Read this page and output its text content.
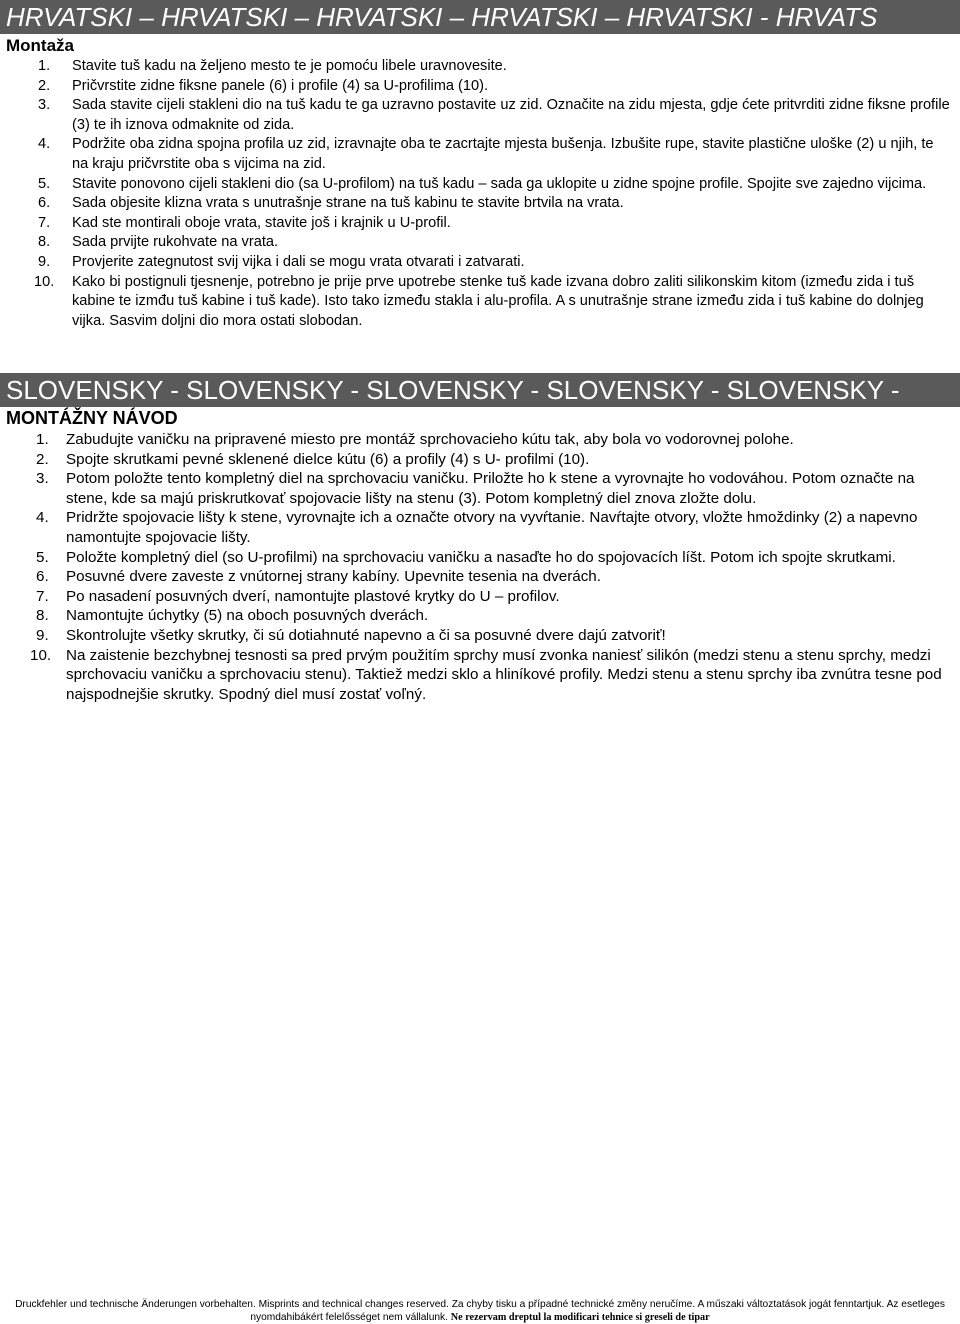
HRVATSKI – HRVATSKI – HRVATSKI – HRVATSKI – HRVATSKI - HRVATS
Montaža
1.	Stavite tuš kadu na željeno mesto te je pomoću libele uravnovesite.
2.	Pričvrstite zidne fiksne panele (6) i profile (4) sa U-profilima (10).
3.	Sada stavite cijeli stakleni dio na tuš kadu te ga uzravno postavite uz zid. Označite na zidu mjesta, gdje ćete pritvrditi zidne fiksne profile (3) te ih iznova odmaknite od zida.
4.	Podržite oba zidna spojna profila uz zid, izravnajte oba te zacrtajte mjesta bušenja. Izbušite rupe, stavite plastične uloške (2) u njih, te na kraju pričvrstite oba s vijcima na zid.
5.	Stavite ponovono cijeli stakleni dio (sa U-profilom) na tuš kadu – sada ga uklopite u zidne spojne profile. Spojite sve zajedno vijcima.
6.	Sada objesite klizna vrata s unutrašnje strane na tuš kabinu te stavite brtvila na vrata.
7.	Kad ste montirali oboje vrata, stavite još i krajnik u U-profil.
8.	Sada prvijte rukohvate na vrata.
9.	Provjerite zategnutost svij vijka i dali se mogu vrata otvarati i zatvarati.
10.	Kako bi postignuli tjesnenje, potrebno je prije prve upotrebe stenke tuš kade izvana dobro zaliti silikonskim kitom (između zida i tuš kabine te izmđu tuš kabine i tuš kade). Isto tako između stakla i alu-profila. A s unutrašnje strane između zida i tuš kabine do dolnjeg vijka. Sasvim doljni dio mora ostati slobodan.
SLOVENSKY - SLOVENSKY - SLOVENSKY - SLOVENSKY - SLOVENSKY -
MONTÁŽNY NÁVOD
1.	Zabudujte vaničku na pripravené miesto pre montáž sprchovacieho kútu tak, aby bola vo vodorovnej polohe.
2.	Spojte skrutkami pevné sklenené dielce kútu (6) a profily (4) s U- profilmi (10).
3.	Potom položte tento kompletný diel na sprchovaciu vaničku. Priložte ho k stene a vyrovnajte ho vodováhou. Potom označte na stene, kde sa majú priskrutkovať spojovacie lišty na stenu (3). Potom kompletný diel znova zložte dolu.
4.	Pridržte spojovacie lišty k stene, vyrovnajte ich a označte otvory na vyvŕtanie. Navŕtajte otvory, vložte hmoždinky (2) a napevno namontujte spojovacie lišty.
5.	Položte kompletný diel (so U-profilmi) na sprchovaciu vaničku a nasaďte ho do spojovacích líšt. Potom ich spojte skrutkami.
6.	Posuvné dvere zaveste z vnútornej strany kabíny. Upevnite tesenia na dverách.
7.	Po nasadení posuvných dverí, namontujte plastové krytky do U – profilov.
8.	Namontujte úchytky (5) na oboch posuvných dverách.
9.	Skontrolujte všetky skrutky, či sú dotiahnuté napevno a či sa posuvné dvere dajú zatvoriť!
10. Na zaistenie bezchybnej tesnosti sa pred prvým použitím sprchy musí zvonka naniesť silikón (medzi stenu a stenu sprchy, medzi sprchovaciu vaničku a sprchovaciu stenu). Taktiež medzi sklo a hliníkové profily. Medzi stenu a stenu sprchy iba zvnútra tesne pod najspodnejšie skrutky. Spodný diel musí zostať voľný.
Druckfehler und technische Änderungen vorbehalten. Misprints and technical changes reserved. Za chyby tisku a případné technické změny neručíme. A műszaki változtatások jogát fenntartjuk. Az esetleges
nyomdahibákért felelősséget nem vállalunk. Ne rezervam dreptul la modificari tehnice si greseli de tipar
